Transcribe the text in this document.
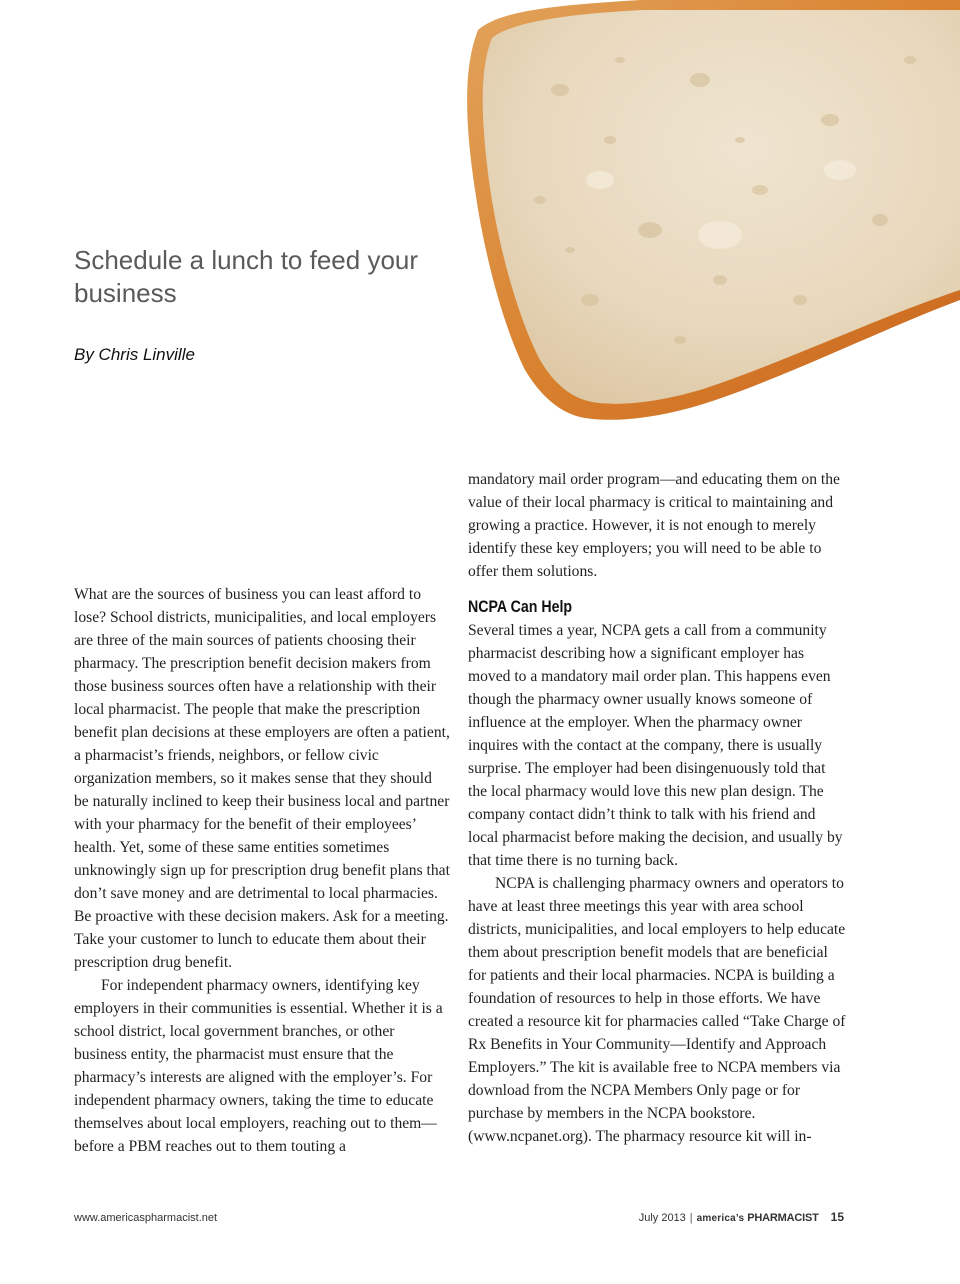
Schedule a lunch to feed your business

By Chris Linville

What are the sources of business you can least afford to lose? School districts, municipalities, and local employers are three of the main sources of patients choosing their pharmacy. The prescription benefit decision makers from those business sources often have a relationship with their local pharmacist. The people that make the prescription benefit plan decisions at these employers are often a patient, a pharmacist’s friends, neighbors, or fellow civic organization members, so it makes sense that they should be naturally inclined to keep their business local and partner with your pharmacy for the benefit of their employees’ health. Yet, some of these same entities sometimes unknowingly sign up for prescription drug benefit plans that don’t save money and are detrimental to local pharmacies. Be proactive with these decision makers. Ask for a meeting. Take your customer to lunch to educate them about their prescription drug benefit.

For independent pharmacy owners, identifying key employers in their communities is essential. Whether it is a school district, local government branches, or other business entity, the pharmacist must ensure that the pharmacy’s interests are aligned with the employer’s. For independent pharmacy owners, taking the time to educate themselves about local employers, reaching out to them—before a PBM reaches out to them touting a

mandatory mail order program—and educating them on the value of their local pharmacy is critical to maintaining and growing a practice. However, it is not enough to merely identify these key employers; you will need to be able to offer them solutions.

NCPA Can Help

Several times a year, NCPA gets a call from a community pharmacist describing how a significant employer has moved to a mandatory mail order plan. This happens even though the pharmacy owner usually knows someone of influence at the employer. When the pharmacy owner inquires with the contact at the company, there is usually surprise. The employer had been disingenuously told that the local pharmacy would love this new plan design. The company contact didn’t think to talk with his friend and local pharmacist before making the decision, and usually by that time there is no turning back.

NCPA is challenging pharmacy owners and operators to have at least three meetings this year with area school districts, municipalities, and local employers to help educate them about prescription benefit models that are beneficial for patients and their local pharmacies. NCPA is building a foundation of resources to help in those efforts. We have created a resource kit for pharmacies called “Take Charge of Rx Benefits in Your Community—Identify and Approach Employers.” The kit is available free to NCPA members via download from the NCPA Members Only page or for purchase by members in the NCPA bookstore. (www.ncpanet.org). The pharmacy resource kit will in-

www.americaspharmacist.net	July 2013 | america’s PHARMACIST 15
